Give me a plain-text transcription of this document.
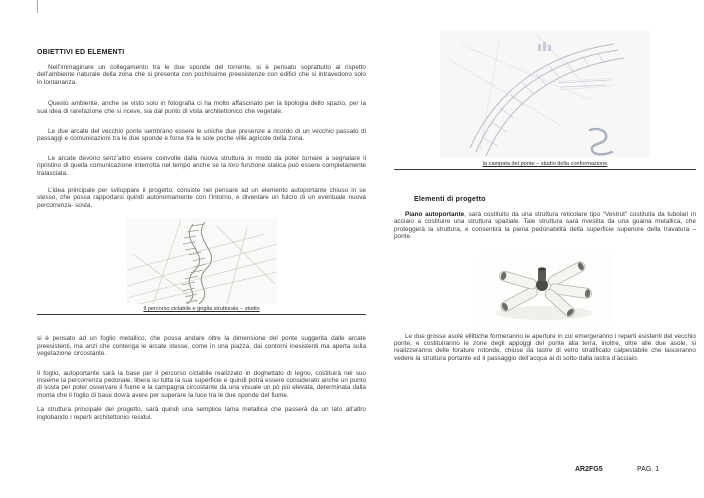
OBIETTIVI ED ELEMENTI

Nell’immaginare un collegamento tra le due sponde del torrente, si è pensato soprattutto al rispetto dell’ambiente naturale della zona che si presenta con pochissime preesistenze con edifici che si intravedono solo in lontananza.

Questo ambiente, anche se visto solo in fotografia ci ha molto affascinato per la tipologia dello spazio, per la sua idea di rarefazione che si riceve, sia dal punto di vista architettonico che vegetale.

Le due arcate del vecchio ponte sembrano essere le uniche due presenze a ricordo di un vecchio passato di passaggi e comunicazioni tra le due sponde e forse tra le sole poche ville agricole della zona.

Le arcate devono senz’altro essere coinvolte dalla nuova struttura in modo da poter tornare a segnalare il ripristino di quella comunicazione interrotta nel tempo anche se la loro funzione statica può essere completamente tralasciata.

L’idea principale per sviluppare il progetto, consiste nel pensare ad un elemento autoportante chiuso in se stesso, che possa rapportarsi quindi autonomamente con l’intorno, e diventare un fulcro di un eventuale nuova percorrenza- sosta.

Il percorso ciclabile e griglia strutturale – studio

si è pensato ad un foglio metallico, che possa andare oltre la dimensione del ponte suggerita dalle arcate preesistenti, ma anzi che contenga le arcate stesse, come in una piazza, dai contorni inesistenti ma aperta sulla vegetazione circostante.

Il foglio, autoportante sarà la base per il percorso ciclabile realizzato in doghettato di legno, costituirà nel suo insieme la percorrenza pedonale, libera su tutta la sua superficie e quindi potrà essere considerato anche un punto di sosta per poter osservare il fiume e la campagna circostante da una visuale un pò più elevata, determinata dalla monta che il foglio di base dovrà avere per superare la luce tra le due sponde del fiume.

La struttura principale del progetto, sarà quindi una semplice lama metallica che passerà da un lato all’altro inglobando i reperti architettonici residui.

la campata del ponte – studio della conformazione

Elementi di progetto

Piano autoportante, sarà costituito da una struttura reticolare tipo “Vestrut” costituita da tubolari in acciaio a costituire una struttura spaziale. Tale struttura sarà rivestita da una guaina metallica, che proteggerà la struttura, e consentirà la piena pedonabilità della superficie superiore della travatura –ponte.

Le due grosse asole ellittiche formeranno le aperture in cui emergeranno i reperti esistenti del vecchio ponte, e costituiranno le zone degli appoggi del ponte alla terra, inoltre, oltre alle due asole, si realizzeranno delle forature rotonde, chiuse da lastre di vetro stratificato calpestabile che lasceranno vedere la struttura portante ed il passaggio dell’acqua al di sotto dalla lastra d’acciaio.

AR2FG5	PAG. 1
